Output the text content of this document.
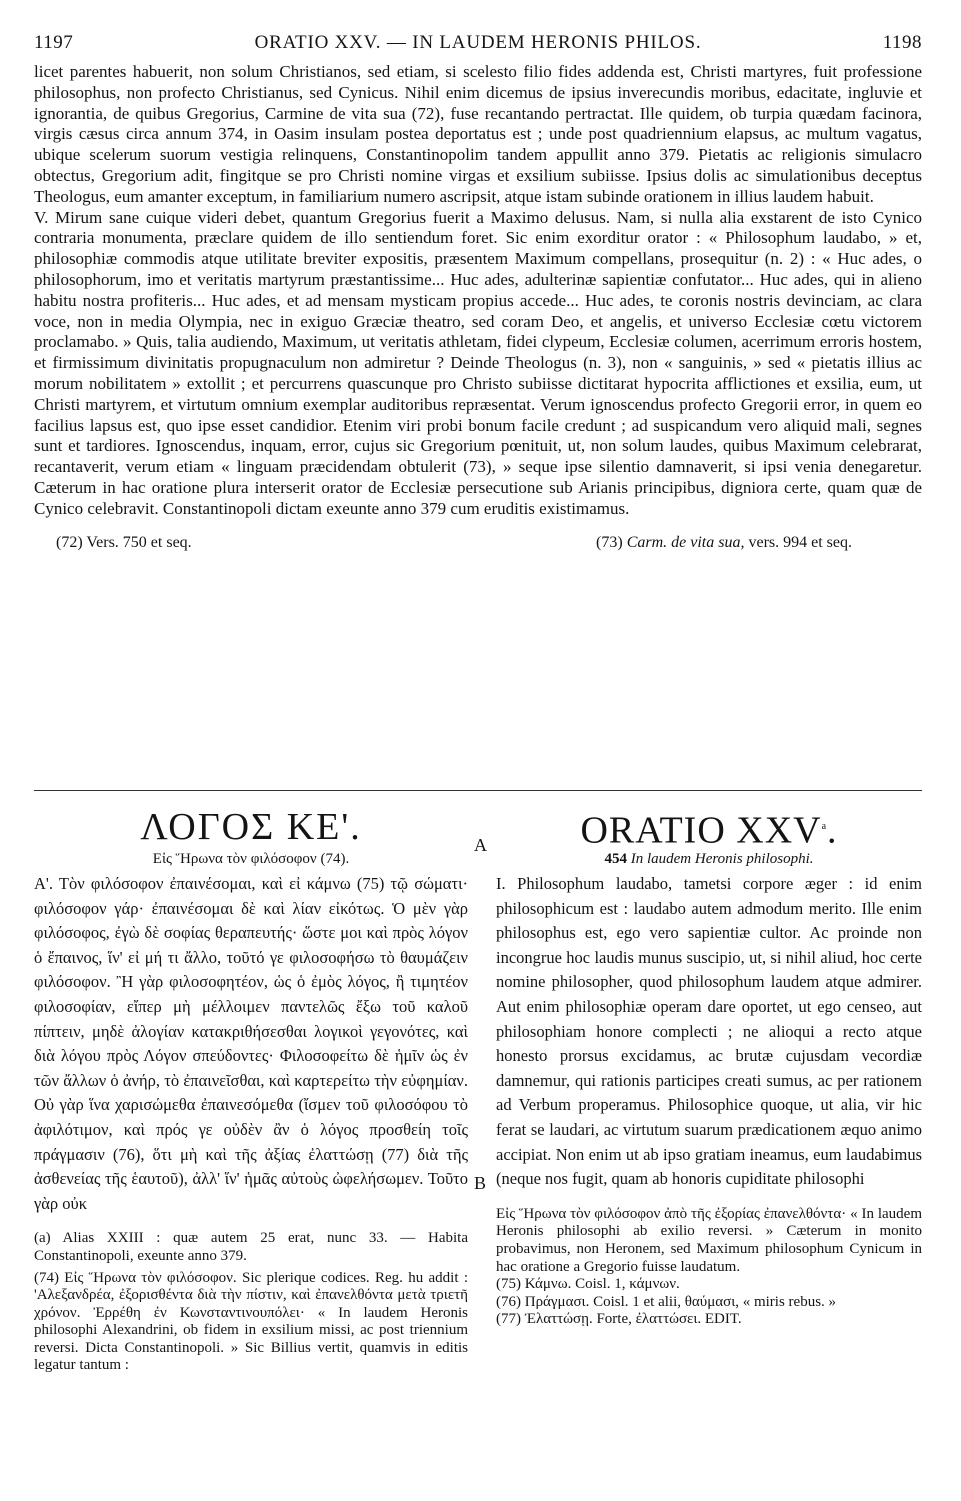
1197	ORATIO XXV. — IN LAUDEM HERONIS PHILOS.	1198

licet parentes habuerit, non solum Christianos, sed etiam, si scelesto filio fides addenda est, Christi martyres, fuit professione philosophus, non profecto Christianus, sed Cynicus. Nihil enim dicemus de ipsius inverecundis moribus, edacitate, ingluvie et ignorantia, de quibus Gregorius, Carmine de vita sua (72), fuse recantando pertractat. Ille quidem, ob turpia quædam facinora, virgis cæsus circa annum 374, in Oasim insulam postea deportatus est ; unde post quadriennium elapsus, ac multum vagatus, ubique scelerum suorum vestigia relinquens, Constantinopolim tandem appullit anno 379. Pietatis ac religionis simulacro obtectus, Gregorium adit, fingitque se pro Christi nomine virgas et exsilium subiisse. Ipsius dolis ac simulationibus deceptus Theologus, eum amanter exceptum, in familiarium numero ascripsit, atque istam subinde orationem in illius laudem habuit.

V. Mirum sane cuique videri debet, quantum Gregorius fuerit a Maximo delusus. Nam, si nulla alia exstarent de isto Cynico contraria monumenta, præclare quidem de illo sentiendum foret. Sic enim exorditur orator : « Philosophum laudabo, » et, philosophiæ commodis atque utilitate breviter expositis, præsentem Maximum compellans, prosequitur (n. 2) : « Huc ades, o philosophorum, imo et veritatis martyrum præstantissime... Huc ades, adulterinæ sapientiæ confutator... Huc ades, qui in alieno habitu nostra profiteris... Huc ades, et ad mensam mysticam propius accede... Huc ades, te coronis nostris devinciam, ac clara voce, non in media Olympia, nec in exiguo Græciæ theatro, sed coram Deo, et angelis, et universo Ecclesiæ cœtu victorem proclamabo. » Quis, talia audiendo, Maximum, ut veritatis athletam, fidei clypeum, Ecclesiæ columen, acerrimum erroris hostem, et firmissimum divinitatis propugnaculum non admiretur ? Deinde Theologus (n. 3), non « sanguinis, » sed « pietatis illius ac morum nobilitatem » extollit ; et percurrens quascunque pro Christo subiisse dictitarat hypocrita afflictiones et exsilia, eum, ut Christi martyrem, et virtutum omnium exemplar auditoribus repræsentat. Verum ignoscendus profecto Gregorii error, in quem eo facilius lapsus est, quo ipse esset candidior. Etenim viri probi bonum facile credunt ; ad suspicandum vero aliquid mali, segnes sunt et tardiores. Ignoscendus, inquam, error, cujus sic Gregorium pœnituit, ut, non solum laudes, quibus Maximum celebrarat, recantaverit, verum etiam « linguam præcidendam obtulerit (73), » seque ipse silentio damnaverit, si ipsi venia denegaretur. Cæterum in hac oratione plura interserit orator de Ecclesiæ persecutione sub Arianis principibus, digniora certe, quam quæ de Cynico celebravit. Constantinopoli dictam exeunte anno 379 cum eruditis existimamus.

(72) Vers. 750 et seq.	(73) Carm. de vita sua, vers. 994 et seq.
ΛΟΓΟΣ ΚΕ'.
Εἰς Ἥρωνα τὸν φιλόσοφον (74).

Α'. Τὸν φιλόσοφον ἐπαινέσομαι, καὶ εἰ κάμνω (75) τῷ σώματι· φιλόσοφον γάρ· ἐπαινέσομαι δὲ καὶ λίαν εἰκότως. Ὁ μὲν γὰρ φιλόσοφος, ἐγὼ δὲ σοφίας θεραπευτής· ὥστε μοι καὶ πρὸς λόγον ὁ ἔπαινος, ἵν' εἰ μή τι ἄλλο, τοῦτό γε φιλοσοφήσω τὸ θαυμάζειν φιλόσοφον. Ἢ γὰρ φιλοσοφητέον, ὡς ὁ ἐμὸς λόγος, ἢ τιμητέον φιλοσοφίαν, εἴπερ μὴ μέλλοιμεν παντελῶς ἔξω τοῦ καλοῦ πίπτειν, μηδὲ ἀλογίαν κατακριθήσεσθαι λογικοὶ γεγονότες, καὶ διὰ λόγου πρὸς Λόγον σπεύδοντες· Φιλοσοφείτω δὲ ἡμῖν ὡς ἐν τῶν ἄλλων ὁ ἀνήρ, τὸ ἐπαινεῖσθαι, καὶ καρτερείτω τὴν εὐφημίαν. Οὐ γὰρ ἵνα χαρισώμεθα ἐπαινεσόμεθα (ἴσμεν τοῦ φιλοσόφου τὸ ἀφιλότιμον, καὶ πρός γε οὐδὲν ἂν ὁ λόγος προσθείη τοῖς πράγμασιν (76), ὅτι μὴ καὶ τῆς ἀξίας ἐλαττώσῃ (77) διὰ τῆς ἀσθενείας τῆς ἑαυτοῦ), ἀλλ' ἵν' ἡμᾶς αὐτοὺς ὠφελήσωμεν. Τοῦτο γὰρ οὐκ

(a) Alias XXIII : quæ autem 25 erat, nunc 33. — Habita Constantinopoli, exeunte anno 379.

(74) Εἰς Ἥρωνα τὸν φιλόσοφον. Sic plerique codices. Reg. hu addit : 'Αλεξανδρέα, ἐξορισθέντα διὰ τὴν πίστιν, καὶ ἐπανελθόντα μετὰ τριετῆ χρόνον. Ἐρρέθη ἐν Κωνσταντινουπόλει· « In laudem Heronis philosophi Alexandrini, ob fidem in exsilium missi, ac post triennium reversi. Dicta Constantinopoli. » Sic Billius vertit, quamvis in editis legatur tantum :

A
B
ORATIO XXV$^a$.
454 In laudem Heronis philosophi.

I. Philosophum laudabo, tametsi corpore æger : id enim philosophicum est : laudabo autem admodum merito. Ille enim philosophus est, ego vero sapientiæ cultor. Ac proinde non incongrue hoc laudis munus suscipio, ut, si nihil aliud, hoc certe nomine philosopher, quod philosophum laudem atque admirer. Aut enim philosophiæ operam dare oportet, ut ego censeo, aut philosophiam honore complecti ; ne alioqui a recto atque honesto prorsus excidamus, ac brutæ cujusdam vecordiæ damnemur, qui rationis participes creati sumus, ac per rationem ad Verbum properamus. Philosophice quoque, ut alia, vir hic ferat se laudari, ac virtutum suarum prædicationem æquo animo accipiat. Non enim ut ab ipso gratiam ineamus, eum laudabimus (neque nos fugit, quam ab honoris cupiditate philosophi

Εἰς Ἥρωνα τὸν φιλόσοφον ἀπὸ τῆς ἐξορίας ἐπανελθόντα· « In laudem Heronis philosophi ab exilio reversi. » Cæterum in monito probavimus, non Heronem, sed Maximum philosophum Cynicum in hac oratione a Gregorio fuisse laudatum.

(75) Κάμνω. Coisl. 1, κάμνων.

(76) Πράγμασι. Coisl. 1 et alii, θαύμασι, « miris rebus. »

(77) Ἐλαττώσῃ. Forte, ἐλαττώσει. EDIT.
